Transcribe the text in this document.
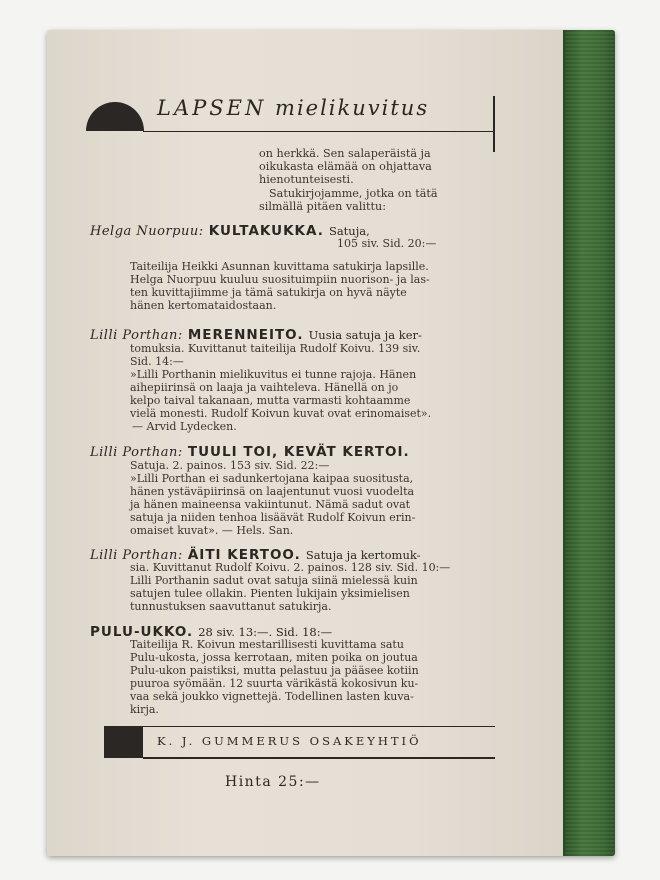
LAPSEN mielikuvitus
on herkkä. Sen salaperäistä ja
oikukasta elämää on ohjattava
hienotunteisesti.
Satukirjojamme, jotka on tätä
silmällä pitäen valittu:
Helga Nuorpuu: KULTAKUKKA. Satuja,
105 siv. Sid. 20:—
Taiteilija Heikki Asunnan kuvittama satukirja lapsille.
Helga Nuorpuu kuuluu suosituimpiin nuorison- ja las-
ten kuvittajiimme ja tämä satukirja on hyvä näyte
hänen kertomataidostaan.
Lilli Porthan: MERENNEITO. Uusia satuja ja ker-
tomuksia. Kuvittanut taiteilija Rudolf Koivu. 139 siv.
Sid. 14:—
»Lilli Porthanin mielikuvitus ei tunne rajoja. Hänen
aihepiirinsä on laaja ja vaihteleva. Hänellä on jo
kelpo taival takanaan, mutta varmasti kohtaamme
vielä monesti. Rudolf Koivun kuvat ovat erinomaiset».
— Arvid Lydecken.
Lilli Porthan: TUULI TOI, KEVÄT KERTOI.
Satuja. 2. painos. 153 siv. Sid. 22:—
»Lilli Porthan ei sadunkertojana kaipaa suositusta,
hänen ystäväpiirinsä on laajentunut vuosi vuodelta
ja hänen maineensa vakiintunut. Nämä sadut ovat
satuja ja niiden tenhoa lisäävät Rudolf Koivun erin-
omaiset kuvat». — Hels. San.
Lilli Porthan: ÄITI KERTOO. Satuja ja kertomuk-
sia. Kuvittanut Rudolf Koivu. 2. painos. 128 siv. Sid. 10:—
Lilli Porthanin sadut ovat satuja siinä mielessä kuin
satujen tulee ollakin. Pienten lukijain yksimielisen
tunnustuksen saavuttanut satukirja.
PULU-UKKO. 28 siv. 13:—. Sid. 18:—
Taiteilija R. Koivun mestarillisesti kuvittama satu
Pulu-ukosta, jossa kerrotaan, miten poika on joutua
Pulu-ukon paistiksi, mutta pelastuu ja pääsee kotiin
puuroa syömään. 12 suurta värikästä kokosivun ku-
vaa sekä joukko vignettejä. Todellinen lasten kuva-
kirja.
K. J. GUMMERUS OSAKEYHTIÖ
Hinta 25:—
